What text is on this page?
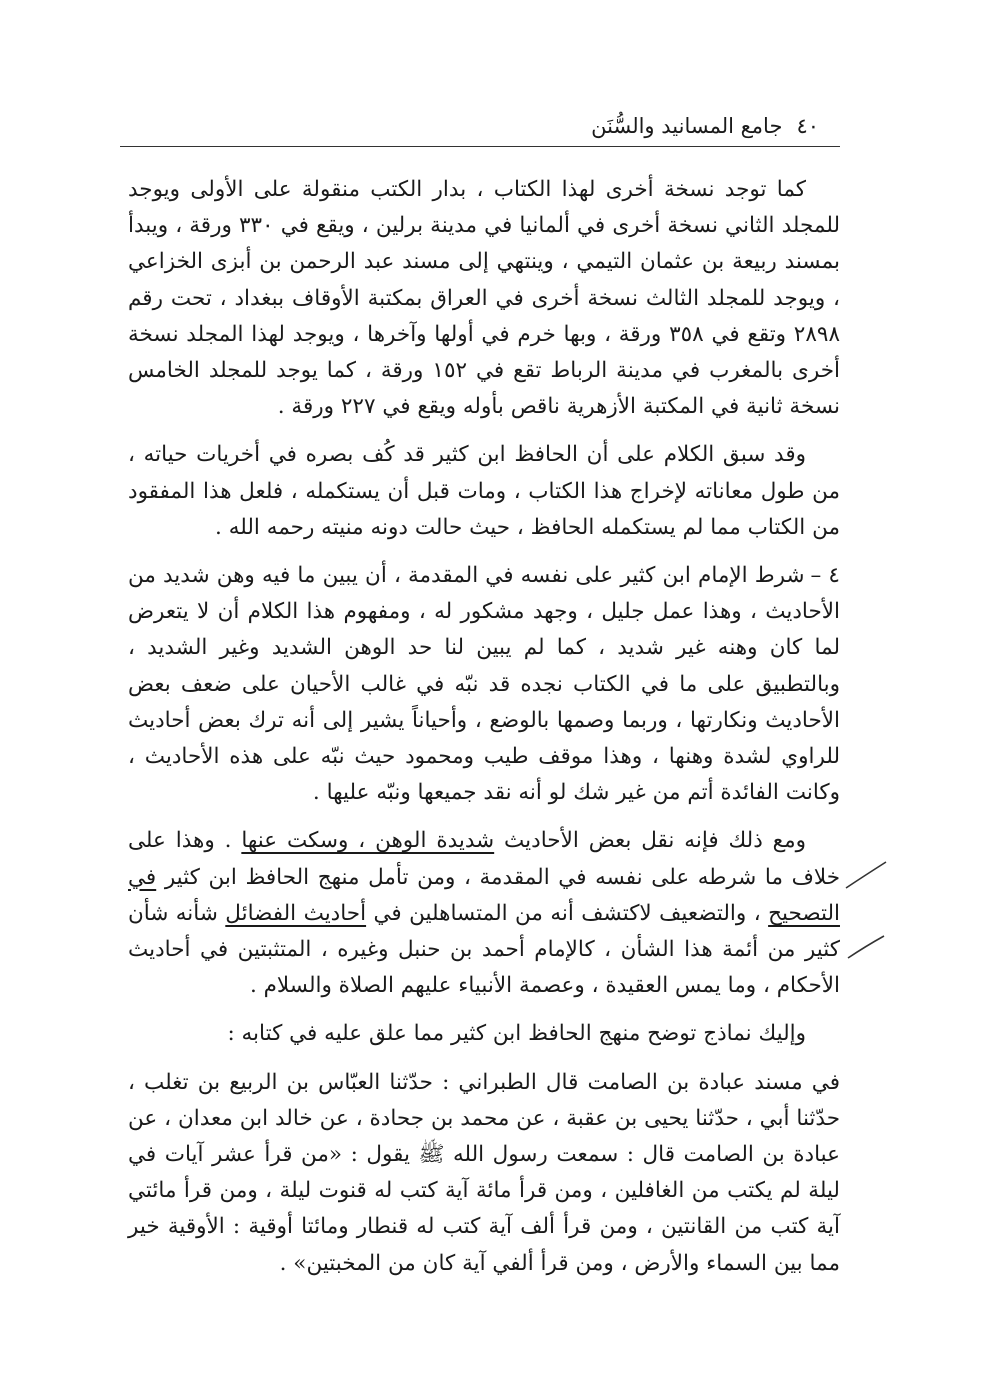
٤٠
جامع المسانيد والسُّنَن

كما توجد نسخة أخرى لهذا الكتاب ، بدار الكتب منقولة على الأولى ويوجد للمجلد الثاني نسخة أخرى في ألمانيا في مدينة برلين ، ويقع في ٣٣٠ ورقة ، ويبدأ بمسند ربيعة بن عثمان التيمي ، وينتهي إلى مسند عبد الرحمن بن أبزى الخزاعي ، ويوجد للمجلد الثالث نسخة أخرى في العراق بمكتبة الأوقاف ببغداد ، تحت رقم ٢٨٩٨ وتقع في ٣٥٨ ورقة ، وبها خرم في أولها وآخرها ، ويوجد لهذا المجلد نسخة أخرى بالمغرب في مدينة الرباط تقع في ١٥٢ ورقة ، كما يوجد للمجلد الخامس نسخة ثانية في المكتبة الأزهرية ناقص بأوله ويقع في ٢٢٧ ورقة .

وقد سبق الكلام على أن الحافظ ابن كثير قد كُف بصره في أخريات حياته ، من طول معاناته لإخراج هذا الكتاب ، ومات قبل أن يستكمله ، فلعل هذا المفقود من الكتاب مما لم يستكمله الحافظ ، حيث حالت دونه منيته رحمه الله .

٤ –شرط الإمام ابن كثير على نفسه في المقدمة ، أن يبين ما فيه وهن شديد من الأحاديث ، وهذا عمل جليل ، وجهد مشكور له ، ومفهوم هذا الكلام أن لا يتعرض لما كان وهنه غير شديد ، كما لم يبين لنا حد الوهن الشديد وغير الشديد ، وبالتطبيق على ما في الكتاب نجده قد نبّه في غالب الأحيان على ضعف بعض الأحاديث ونكارتها ، وربما وصمها بالوضع ، وأحياناً يشير إلى أنه ترك بعض أحاديث للراوي لشدة وهنها ، وهذا موقف طيب ومحمود حيث نبّه على هذه الأحاديث ، وكانت الفائدة أتم من غير شك لو أنه نقد جميعها ونبّه عليها .

ومع ذلك فإنه نقل بعض الأحاديث شديدة الوهن ، وسكت عنها . وهذا على خلاف ما شرطه على نفسه في المقدمة ، ومن تأمل منهج الحافظ ابن كثير في التصحيح ، والتضعيف لاكتشف أنه من المتساهلين في أحاديث الفضائل شأنه شأن كثير من أئمة هذا الشأن ، كالإمام أحمد بن حنبل وغيره ، المتثبتين في أحاديث الأحكام ، وما يمس العقيدة ، وعصمة الأنبياء عليهم الصلاة والسلام .

وإليك نماذج توضح منهج الحافظ ابن كثير مما علق عليه في كتابه :

في مسند عبادة بن الصامت قال الطبراني : حدّثنا العبّاس بن الربيع بن تغلب ، حدّثنا أبي ، حدّثنا يحيى بن عقبة ، عن محمد بن جحادة ، عن خالد ابن معدان ، عن عبادة بن الصامت قال : سمعت رسول الله ﷺ يقول : «من قرأ عشر آيات في ليلة لم يكتب من الغافلين ، ومن قرأ مائة آية كتب له قنوت ليلة ، ومن قرأ مائتي آية كتب من القانتين ، ومن قرأ ألف آية كتب له قنطار ومائتا أوقية : الأوقية خير مما بين السماء والأرض ، ومن قرأ ألفي آية كان من المخبتين» .
